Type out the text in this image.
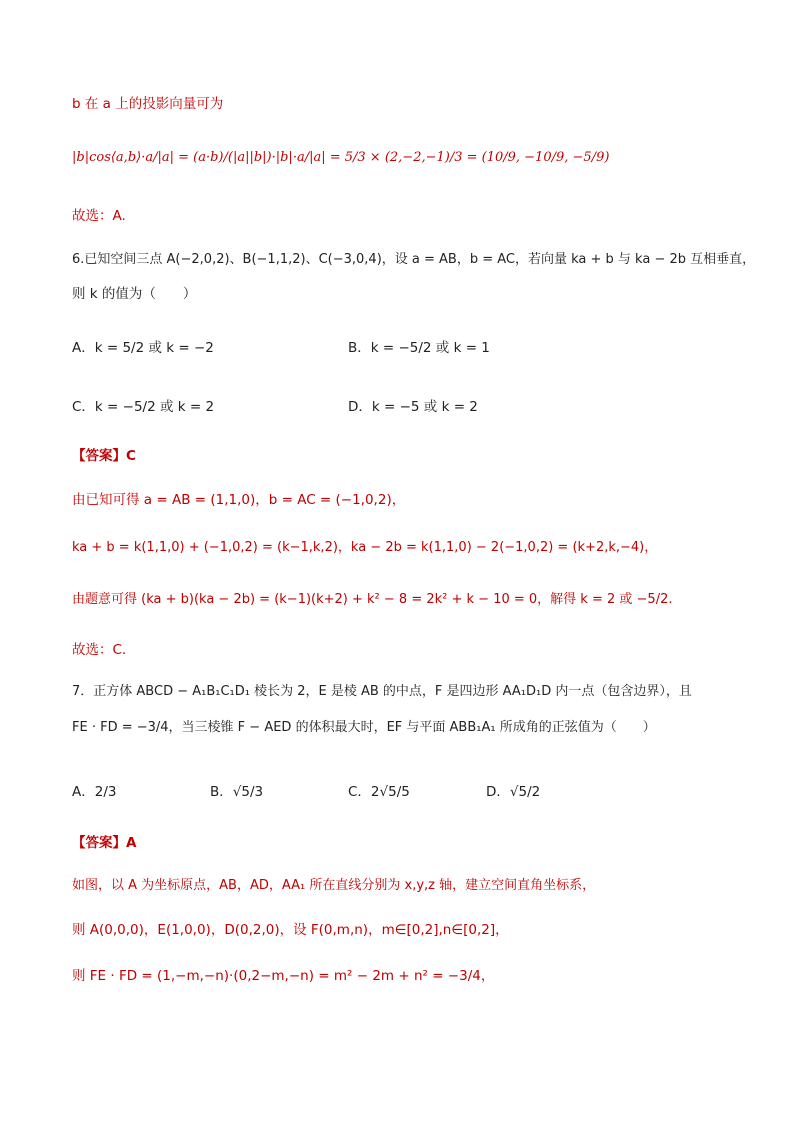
b 在 a 上的投影向量可为
|b|cos⟨a,b⟩·a/|a| = (a·b)/(|a||b|)·|b|·a/|a| = 5/3 × (2,−2,−1)/3 = (10/9, −10/9, −5/9)
故选：A.
6.已知空间三点 A(−2,0,2)、B(−1,1,2)、C(−3,0,4)，设 a = AB，b = AC，若向量 ka + b 与 ka − 2b 互相垂直，
则 k 的值为（　　）
A．k = 5/2 或 k = −2	B．k = −5/2 或 k = 1
C．k = −5/2 或 k = 2	D．k = −5 或 k = 2
【答案】C
由已知可得 a = AB = (1,1,0)，b = AC = (−1,0,2)，
ka + b = k(1,1,0) + (−1,0,2) = (k−1,k,2)，ka − 2b = k(1,1,0) − 2(−1,0,2) = (k+2,k,−4)，
由题意可得 (ka + b)(ka − 2b) = (k−1)(k+2) + k² − 8 = 2k² + k − 10 = 0，解得 k = 2 或 −5/2.
故选：C.
7．正方体 ABCD − A₁B₁C₁D₁ 棱长为 2，E 是棱 AB 的中点，F 是四边形 AA₁D₁D 内一点（包含边界），且
FE · FD = −3/4，当三棱锥 F − AED 的体积最大时，EF 与平面 ABB₁A₁ 所成角的正弦值为（　　）
A．2/3	B．√5/3	C．2√5/5	D．√5/2
【答案】A
如图，以 A 为坐标原点，AB，AD，AA₁ 所在直线分别为 x,y,z 轴，建立空间直角坐标系，
则 A(0,0,0)，E(1,0,0)，D(0,2,0)，设 F(0,m,n)，m∈[0,2],n∈[0,2]，
则 FE · FD = (1,−m,−n)·(0,2−m,−n) = m² − 2m + n² = −3/4，
